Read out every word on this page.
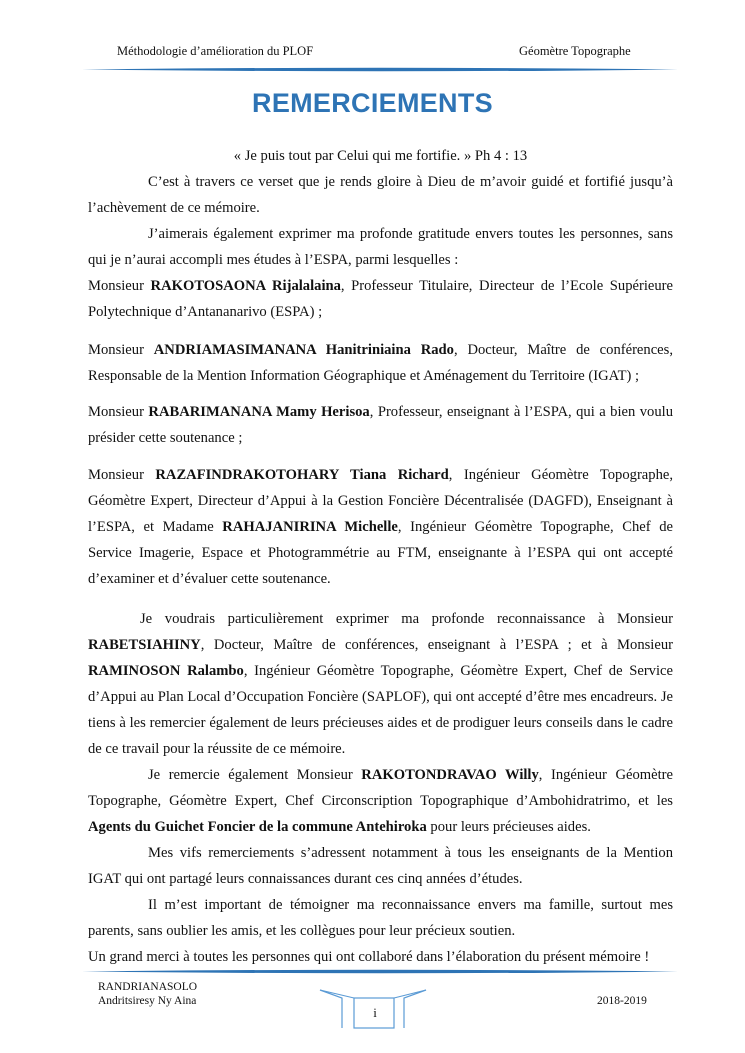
Méthodologie d’amélioration du PLOF	Géomètre Topographe
REMERCIEMENTS

« Je puis tout par Celui qui me fortifie. » Ph 4 : 13

C’est à travers ce verset que je rends gloire à Dieu de m’avoir guidé et fortifié jusqu’à l’achèvement de ce mémoire.

J’aimerais également exprimer ma profonde gratitude envers toutes les personnes, sans qui je n’aurai accompli mes études à l’ESPA, parmi lesquelles :

Monsieur RAKOTOSAONA Rijalalaina, Professeur Titulaire, Directeur de l’Ecole Supérieure Polytechnique d’Antananarivo (ESPA) ;

Monsieur ANDRIAMASIMANANA Hanitriniaina Rado, Docteur, Maître de conférences, Responsable de la Mention Information Géographique et Aménagement du Territoire (IGAT) ;

Monsieur RABARIMANANA Mamy Herisoa, Professeur, enseignant à l’ESPA, qui a bien voulu présider cette soutenance ;

Monsieur RAZAFINDRAKOTOHARY Tiana Richard, Ingénieur Géomètre Topographe, Géomètre Expert, Directeur d’Appui à la Gestion Foncière Décentralisée (DAGFD), Enseignant à l’ESPA, et Madame RAHAJANIRINA Michelle, Ingénieur Géomètre Topographe, Chef de Service Imagerie, Espace et Photogrammétrie au FTM, enseignante à l’ESPA qui ont accepté d’examiner et d’évaluer cette soutenance.

Je voudrais particulièrement exprimer ma profonde reconnaissance à Monsieur RABETSIAHINY, Docteur, Maître de conférences, enseignant à l’ESPA ; et à Monsieur RAMINOSON Ralambo, Ingénieur Géomètre Topographe, Géomètre Expert, Chef de Service d’Appui au Plan Local d’Occupation Foncière (SAPLOF), qui ont accepté d’être mes encadreurs. Je tiens à les remercier également de leurs précieuses aides et de prodiguer leurs conseils dans le cadre de ce travail pour la réussite de ce mémoire.

Je remercie également Monsieur RAKOTONDRAVAO Willy, Ingénieur Géomètre Topographe, Géomètre Expert, Chef Circonscription Topographique d’Ambohidratrimo, et les Agents du Guichet Foncier de la commune Antehiroka pour leurs précieuses aides.

Mes vifs remerciements s’adressent notamment à tous les enseignants de la Mention IGAT qui ont partagé leurs connaissances durant ces cinq années d’études.

Il m’est important de témoigner ma reconnaissance envers ma famille, surtout mes parents, sans oublier les amis, et les collègues pour leur précieux soutien.

Un grand merci à toutes les personnes qui ont collaboré dans l’élaboration du présent mémoire !

RANDRIANASOLO
Andritsiresy Ny Aina
i
2018-2019
